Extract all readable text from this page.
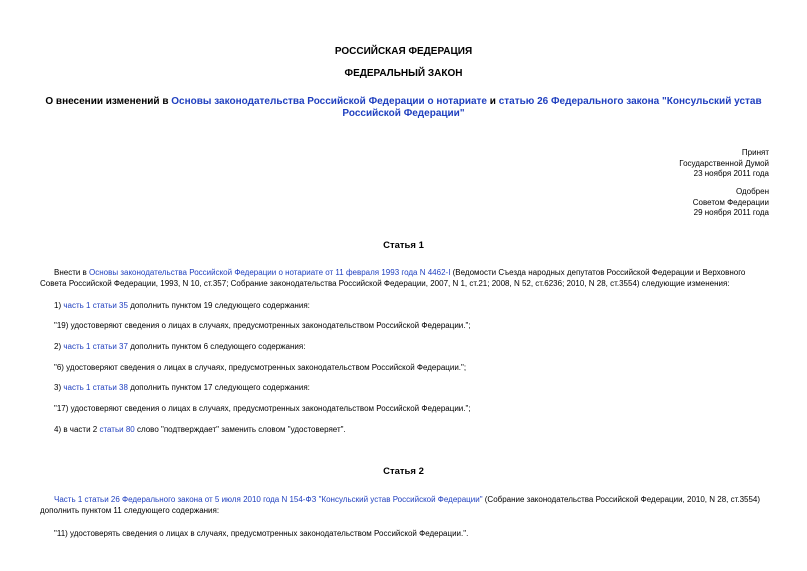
РОССИЙСКАЯ ФЕДЕРАЦИЯ
ФЕДЕРАЛЬНЫЙ ЗАКОН
О внесении изменений в Основы законодательства Российской Федерации о нотариате и статью 26 Федерального закона "Консульский устав Российской Федерации"
Принят
Государственной Думой
23 ноября 2011 года
Одобрен
Советом Федерации
29 ноября 2011 года
Статья 1
Внести в Основы законодательства Российской Федерации о нотариате от 11 февраля 1993 года N 4462-I (Ведомости Съезда народных депутатов Российской Федерации и Верховного Совета Российской Федерации, 1993, N 10, ст.357; Собрание законодательства Российской Федерации, 2007, N 1, ст.21; 2008, N 52, ст.6236; 2010, N 28, ст.3554) следующие изменения:
1) часть 1 статьи 35 дополнить пунктом 19 следующего содержания:
"19) удостоверяют сведения о лицах в случаях, предусмотренных законодательством Российской Федерации.";
2) часть 1 статьи 37 дополнить пунктом 6 следующего содержания:
"6) удостоверяют сведения о лицах в случаях, предусмотренных законодательством Российской Федерации.";
3) часть 1 статьи 38 дополнить пунктом 17 следующего содержания:
"17) удостоверяют сведения о лицах в случаях, предусмотренных законодательством Российской Федерации.";
4) в части 2 статьи 80 слово "подтверждает" заменить словом "удостоверяет".
Статья 2
Часть 1 статьи 26 Федерального закона от 5 июля 2010 года N 154-ФЗ "Консульский устав Российской Федерации" (Собрание законодательства Российской Федерации, 2010, N 28, ст.3554) дополнить пунктом 11 следующего содержания:
"11) удостоверять сведения о лицах в случаях, предусмотренных законодательством Российской Федерации.".
